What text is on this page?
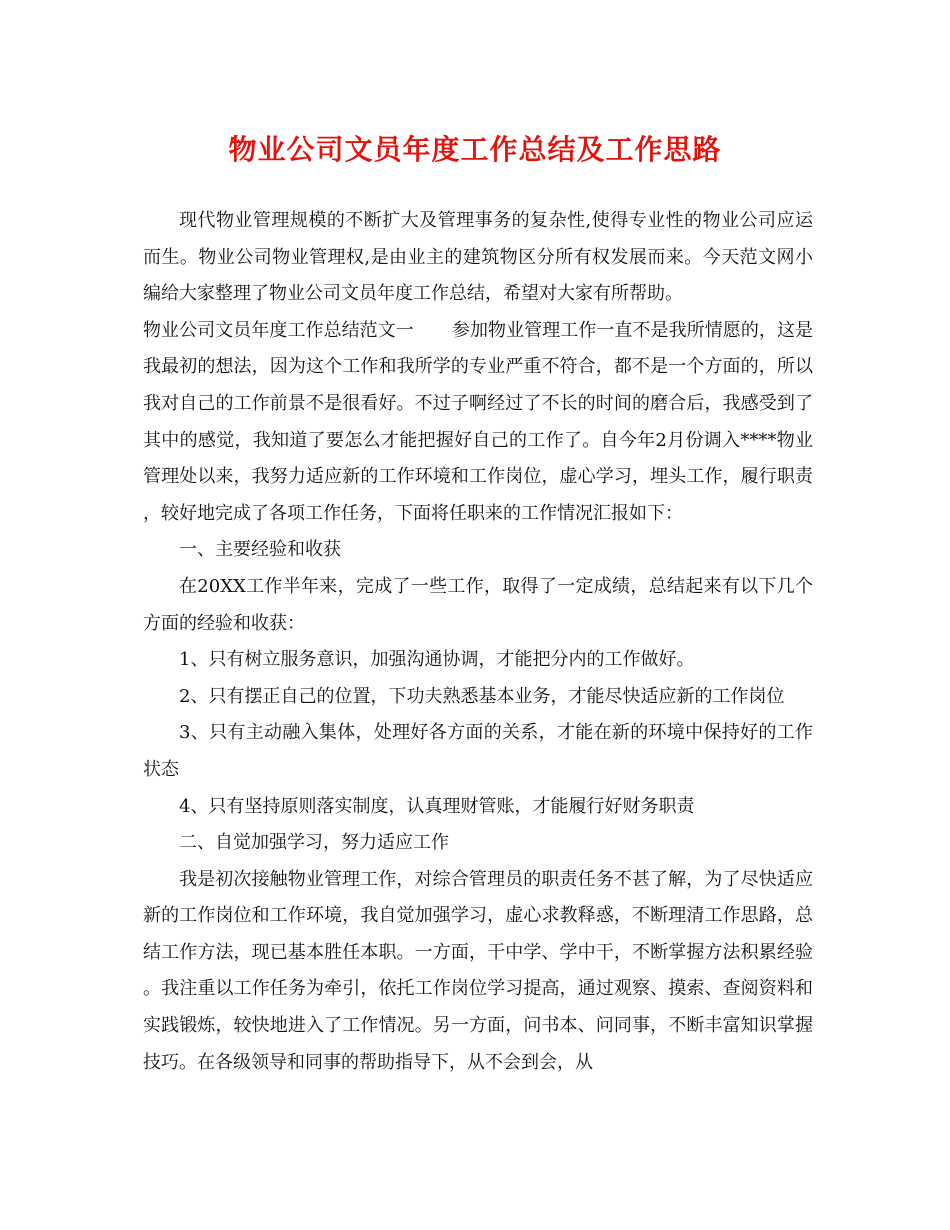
物业公司文员年度工作总结及工作思路

现代物业管理规模的不断扩大及管理事务的复杂性,使得专业性的物业公司应运而生。物业公司物业管理权,是由业主的建筑物区分所有权发展而来。今天范文网小编给大家整理了物业公司文员年度工作总结，希望对大家有所帮助。

物业公司文员年度工作总结范文一 参加物业管理工作一直不是我所情愿的，这是我最初的想法，因为这个工作和我所学的专业严重不符合，都不是一个方面的，所以我对自己的工作前景不是很看好。不过子啊经过了不长的时间的磨合后，我感受到了其中的感觉，我知道了要怎么才能把握好自己的工作了。自今年2月份调入****物业管理处以来，我努力适应新的工作环境和工作岗位，虚心学习，埋头工作，履行职责，较好地完成了各项工作任务，下面将任职来的工作情况汇报如下：

一、主要经验和收获

在20XX工作半年来，完成了一些工作，取得了一定成绩，总结起来有以下几个方面的经验和收获：

1、只有树立服务意识，加强沟通协调，才能把分内的工作做好。

2、只有摆正自己的位置，下功夫熟悉基本业务，才能尽快适应新的工作岗位

3、只有主动融入集体，处理好各方面的关系，才能在新的环境中保持好的工作状态

4、只有坚持原则落实制度，认真理财管账，才能履行好财务职责

二、自觉加强学习，努力适应工作

我是初次接触物业管理工作，对综合管理员的职责任务不甚了解，为了尽快适应新的工作岗位和工作环境，我自觉加强学习，虚心求教释惑，不断理清工作思路，总结工作方法，现已基本胜任本职。一方面，干中学、学中干，不断掌握方法积累经验。我注重以工作任务为牵引，依托工作岗位学习提高，通过观察、摸索、查阅资料和实践锻炼，较快地进入了工作情况。另一方面，问书本、问同事，不断丰富知识掌握技巧。在各级领导和同事的帮助指导下，从不会到会，从
